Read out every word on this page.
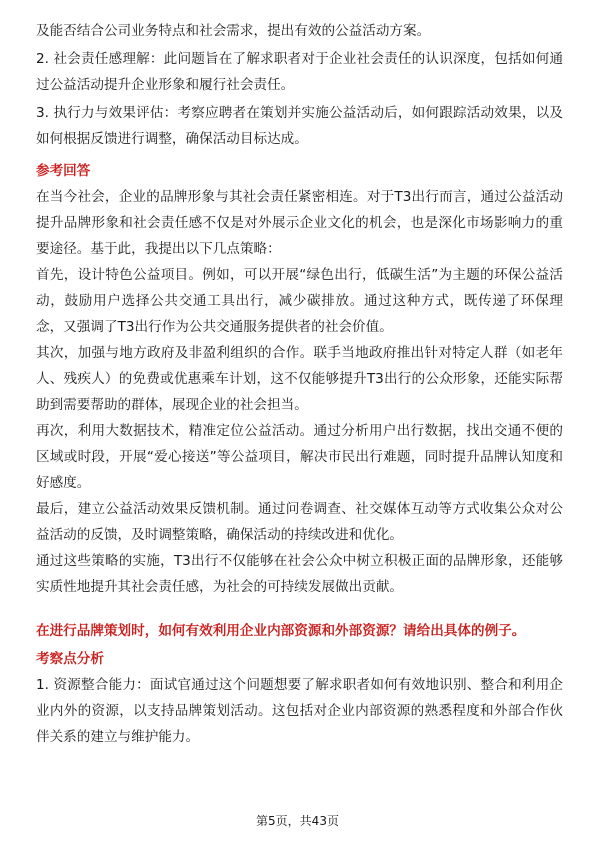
及能否结合公司业务特点和社会需求，提出有效的公益活动方案。

2. 社会责任感理解：此问题旨在了解求职者对于企业社会责任的认识深度，包括如何通过公益活动提升企业形象和履行社会责任。

3. 执行力与效果评估：考察应聘者在策划并实施公益活动后，如何跟踪活动效果，以及如何根据反馈进行调整，确保活动目标达成。

参考回答

在当今社会，企业的品牌形象与其社会责任紧密相连。对于T3出行而言，通过公益活动提升品牌形象和社会责任感不仅是对外展示企业文化的机会，也是深化市场影响力的重要途径。基于此，我提出以下几点策略：

首先，设计特色公益项目。例如，可以开展“绿色出行，低碳生活”为主题的环保公益活动，鼓励用户选择公共交通工具出行，减少碳排放。通过这种方式，既传递了环保理念，又强调了T3出行作为公共交通服务提供者的社会价值。

其次，加强与地方政府及非盈利组织的合作。联手当地政府推出针对特定人群（如老年人、残疾人）的免费或优惠乘车计划，这不仅能够提升T3出行的公众形象，还能实际帮助到需要帮助的群体，展现企业的社会担当。

再次，利用大数据技术，精准定位公益活动。通过分析用户出行数据，找出交通不便的区域或时段，开展“爱心接送”等公益项目，解决市民出行难题，同时提升品牌认知度和好感度。

最后，建立公益活动效果反馈机制。通过问卷调查、社交媒体互动等方式收集公众对公益活动的反馈，及时调整策略，确保活动的持续改进和优化。

通过这些策略的实施，T3出行不仅能够在社会公众中树立积极正面的品牌形象，还能够实质性地提升其社会责任感，为社会的可持续发展做出贡献。

在进行品牌策划时，如何有效利用企业内部资源和外部资源？请给出具体的例子。
考察点分析

1. 资源整合能力：面试官通过这个问题想要了解求职者如何有效地识别、整合和利用企业内外的资源，以支持品牌策划活动。这包括对企业内部资源的熟悉程度和外部合作伙伴关系的建立与维护能力。

第5页，共43页
